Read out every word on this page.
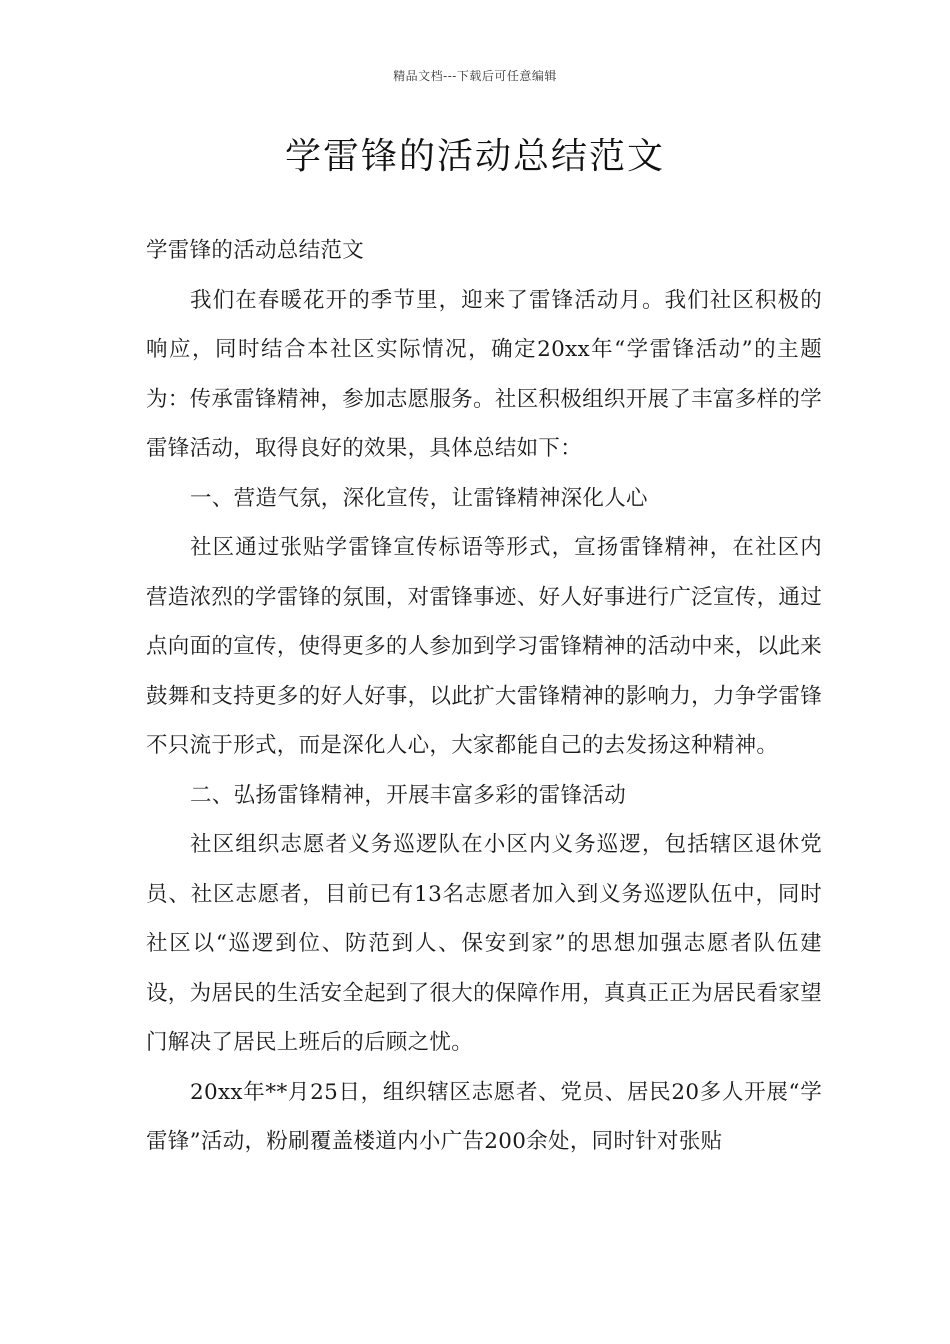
精品文档---下载后可任意编辑
学雷锋的活动总结范文

学雷锋的活动总结范文

我们在春暖花开的季节里，迎来了雷锋活动月。我们社区积极的响应，同时结合本社区实际情况，确定20xx年“学雷锋活动”的主题为：传承雷锋精神，参加志愿服务。社区积极组织开展了丰富多样的学雷锋活动，取得良好的效果，具体总结如下：

一、营造气氛，深化宣传，让雷锋精神深化人心

社区通过张贴学雷锋宣传标语等形式，宣扬雷锋精神，在社区内营造浓烈的学雷锋的氛围，对雷锋事迹、好人好事进行广泛宣传，通过点向面的宣传，使得更多的人参加到学习雷锋精神的活动中来，以此来鼓舞和支持更多的好人好事，以此扩大雷锋精神的影响力，力争学雷锋不只流于形式，而是深化人心，大家都能自己的去发扬这种精神。

二、弘扬雷锋精神，开展丰富多彩的雷锋活动

社区组织志愿者义务巡逻队在小区内义务巡逻，包括辖区退休党员、社区志愿者，目前已有13名志愿者加入到义务巡逻队伍中，同时社区以“巡逻到位、防范到人、保安到家”的思想加强志愿者队伍建设，为居民的生活安全起到了很大的保障作用，真真正正为居民看家望门解决了居民上班后的后顾之忧。

20xx年**月25日，组织辖区志愿者、党员、居民20多人开展“学雷锋”活动，粉刷覆盖楼道内小广告200余处，同时针对张贴
